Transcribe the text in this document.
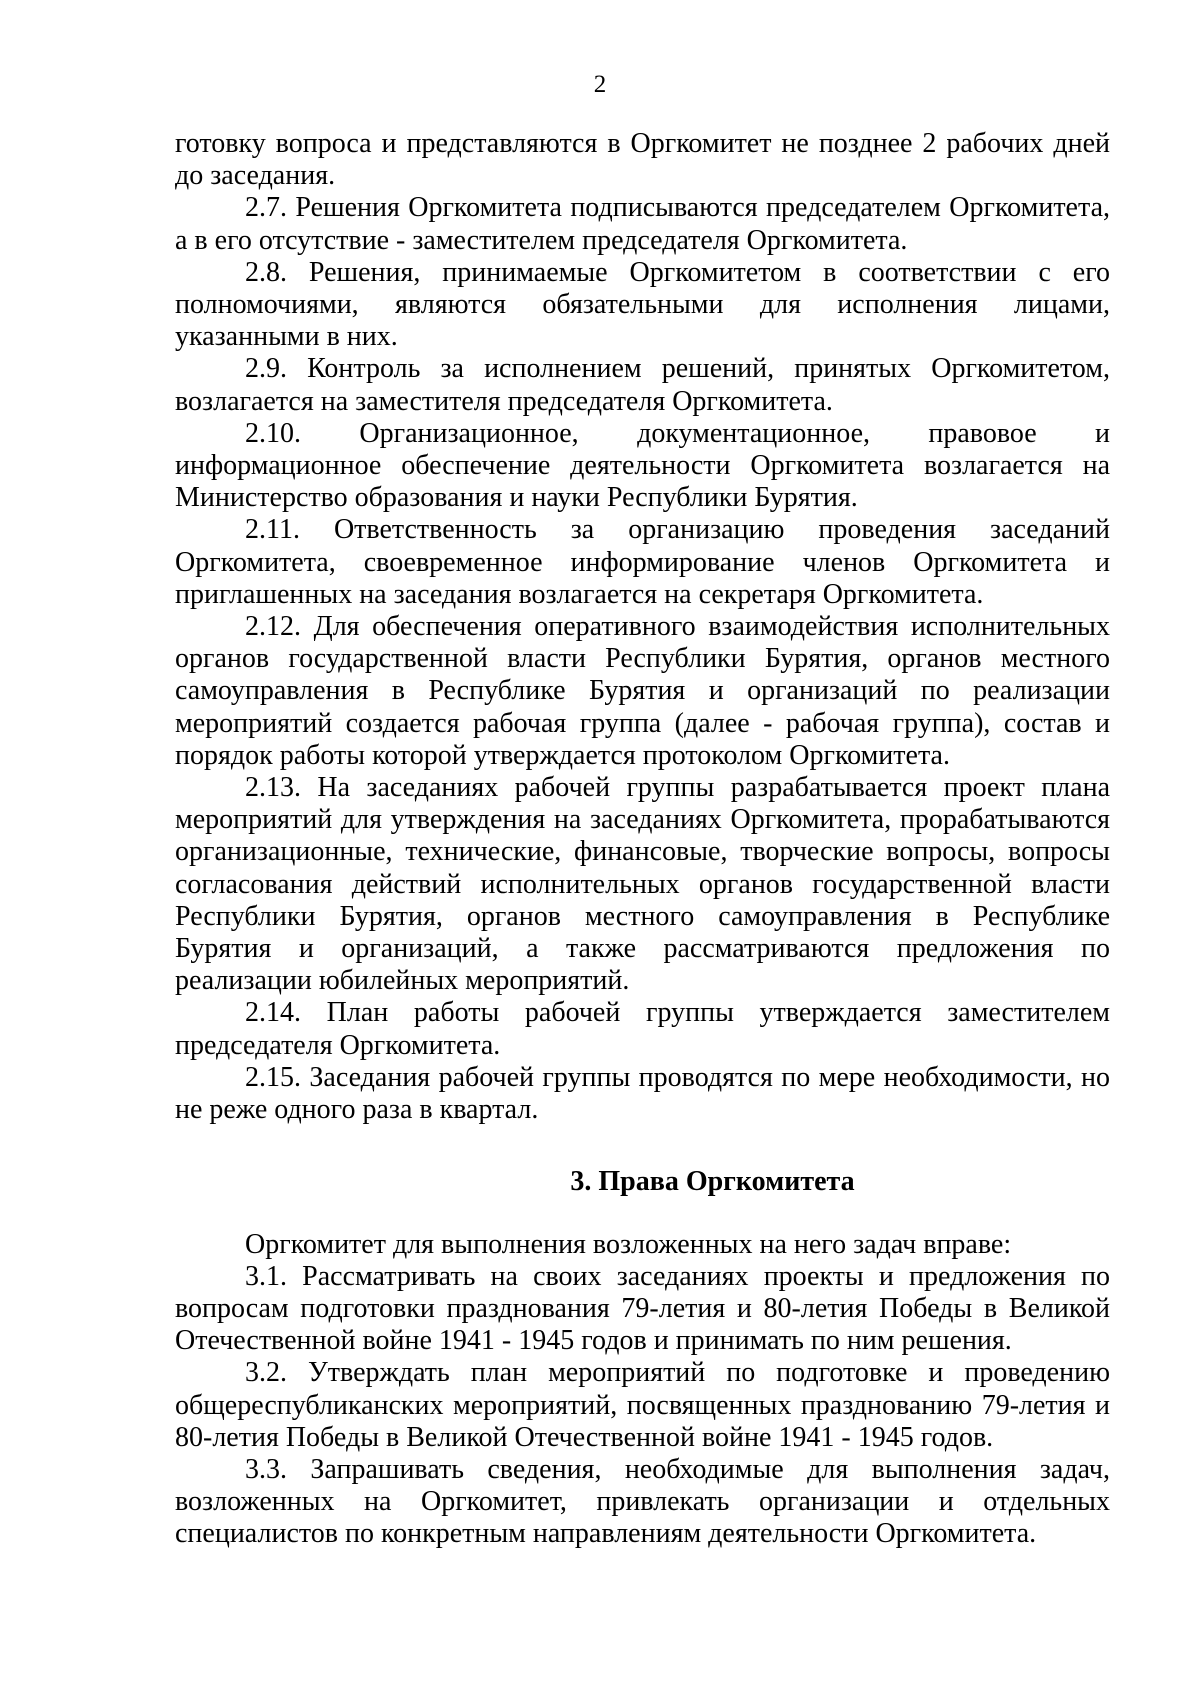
2

готовку вопроса и представляются в Оргкомитет не позднее 2 рабочих дней до заседания.

2.7. Решения Оргкомитета подписываются председателем Оргкомитета, а в его отсутствие - заместителем председателя Оргкомитета.

2.8. Решения, принимаемые Оргкомитетом в соответствии с его полномочиями, являются обязательными для исполнения лицами, указанными в них.

2.9. Контроль за исполнением решений, принятых Оргкомитетом, возлагается на заместителя председателя Оргкомитета.

2.10. Организационное, документационное, правовое и информационное обеспечение деятельности Оргкомитета возлагается на Министерство образования и науки Республики Бурятия.

2.11. Ответственность за организацию проведения заседаний Оргкомитета, своевременное информирование членов Оргкомитета и приглашенных на заседания возлагается на секретаря Оргкомитета.

2.12. Для обеспечения оперативного взаимодействия исполнительных органов государственной власти Республики Бурятия, органов местного самоуправления в Республике Бурятия и организаций по реализации мероприятий создается рабочая группа (далее - рабочая группа), состав и порядок работы которой утверждается протоколом Оргкомитета.

2.13. На заседаниях рабочей группы разрабатывается проект плана мероприятий для утверждения на заседаниях Оргкомитета, прорабатываются организационные, технические, финансовые, творческие вопросы, вопросы согласования действий исполнительных органов государственной власти Республики Бурятия, органов местного самоуправления в Республике Бурятия и организаций, а также рассматриваются предложения по реализации юбилейных мероприятий.

2.14. План работы рабочей группы утверждается заместителем председателя Оргкомитета.

2.15. Заседания рабочей группы проводятся по мере необходимости, но не реже одного раза в квартал.

3. Права Оргкомитета

Оргкомитет для выполнения возложенных на него задач вправе:

3.1. Рассматривать на своих заседаниях проекты и предложения по вопросам подготовки празднования 79-летия и 80-летия Победы в Великой Отечественной войне 1941 - 1945 годов и принимать по ним решения.

3.2. Утверждать план мероприятий по подготовке и проведению общереспубликанских мероприятий, посвященных празднованию 79-летия и 80-летия Победы в Великой Отечественной войне 1941 - 1945 годов.

3.3. Запрашивать сведения, необходимые для выполнения задач, возложенных на Оргкомитет, привлекать организации и отдельных специалистов по конкретным направлениям деятельности Оргкомитета.
